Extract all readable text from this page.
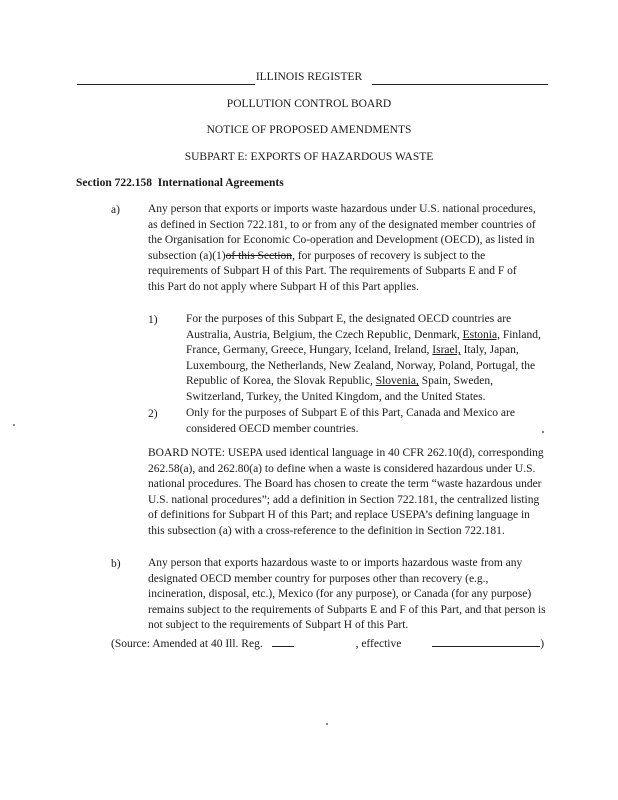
ILLINOIS REGISTER
POLLUTION CONTROL BOARD
NOTICE OF PROPOSED AMENDMENTS
SUBPART E: EXPORTS OF HAZARDOUS WASTE
Section 722.158 International Agreements
a) Any person that exports or imports waste hazardous under U.S. national procedures, as defined in Section 722.181, to or from any of the designated member countries of the Organisation for Economic Co-operation and Development (OECD), as listed in subsection (a)(1)of this Section, for purposes of recovery is subject to the requirements of Subpart H of this Part. The requirements of Subparts E and F of this Part do not apply where Subpart H of this Part applies.
1) For the purposes of this Subpart E, the designated OECD countries are Australia, Austria, Belgium, the Czech Republic, Denmark, Estonia, Finland, France, Germany, Greece, Hungary, Iceland, Ireland, Israel, Italy, Japan, Luxembourg, the Netherlands, New Zealand, Norway, Poland, Portugal, the Republic of Korea, the Slovak Republic, Slovenia, Spain, Sweden, Switzerland, Turkey, the United Kingdom, and the United States.
2) Only for the purposes of Subpart E of this Part, Canada and Mexico are considered OECD member countries.
BOARD NOTE: USEPA used identical language in 40 CFR 262.10(d), corresponding 262.58(a), and 262.80(a) to define when a waste is considered hazardous under U.S. national procedures. The Board has chosen to create the term “waste hazardous under U.S. national procedures”; add a definition in Section 722.181, the centralized listing of definitions for Subpart H of this Part; and replace USEPA’s defining language in this subsection (a) with a cross-reference to the definition in Section 722.181.
b) Any person that exports hazardous waste to or imports hazardous waste from any designated OECD member country for purposes other than recovery (e.g., incineration, disposal, etc.), Mexico (for any purpose), or Canada (for any purpose) remains subject to the requirements of Subparts E and F of this Part, and that person is not subject to the requirements of Subpart H of this Part.
(Source: Amended at 40 Ill. Reg.	, effective	)
